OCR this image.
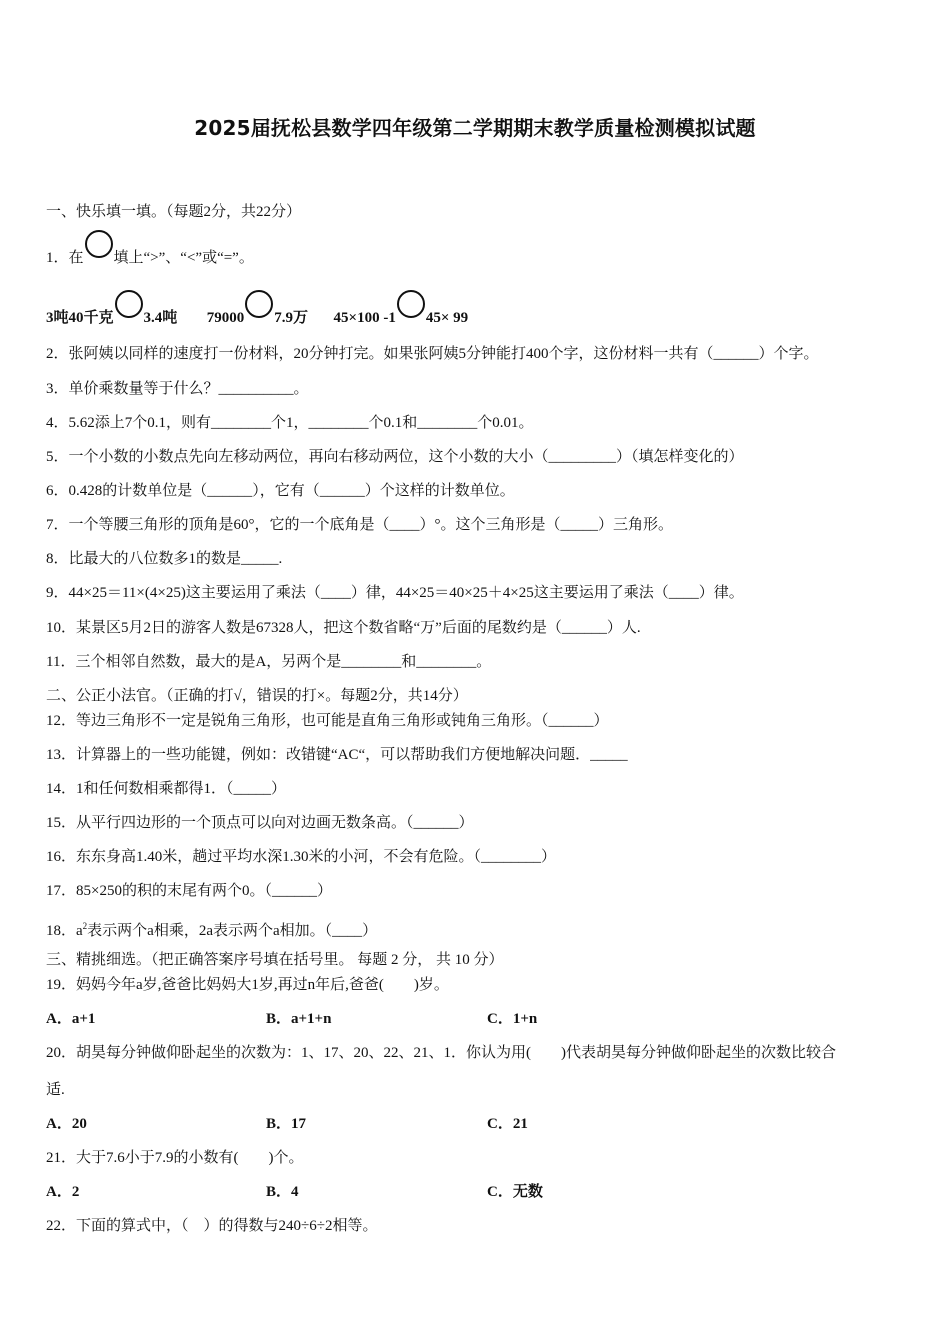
2025届抚松县数学四年级第二学期期末教学质量检测模拟试题
一、快乐填一填。（每题2分，共22分）
1．在 填上“>”、“<”或“=”。
3吨40千克 3.4吨 79000 7.9万 45×100 -1 45× 99
2．张阿姨以同样的速度打一份材料，20分钟打完。如果张阿姨5分钟能打400个字，这份材料一共有（______）个字。
3．单价乘数量等于什么？__________。
4．5.62添上7个0.1，则有________个1，________个0.1和________个0.01。
5．一个小数的小数点先向左移动两位，再向右移动两位，这个小数的大小（_________）（填怎样变化的）
6．0.428的计数单位是（______），它有（______）个这样的计数单位。
7．一个等腰三角形的顶角是60°，它的一个底角是（____）°。这个三角形是（_____）三角形。
8．比最大的八位数多1的数是_____.
9．44×25＝11×(4×25)这主要运用了乘法（____）律，44×25＝40×25＋4×25这主要运用了乘法（____）律。
10．某景区5月2日的游客人数是67328人，把这个数省略“万”后面的尾数约是（______）人.
11．三个相邻自然数，最大的是A，另两个是________和________。
二、公正小法官。（正确的打√，错误的打×。每题2分，共14分）
12．等边三角形不一定是锐角三角形，也可能是直角三角形或钝角三角形。（______）
13．计算器上的一些功能键，例如：改错键“AC“，可以帮助我们方便地解决问题．_____
14．1和任何数相乘都得1．（_____）
15．从平行四边形的一个顶点可以向对边画无数条高。（______）
16．东东身高1.40米，趟过平均水深1.30米的小河，不会有危险。（________）
17．85×250的积的末尾有两个0。（______）
18．$a^2$表示两个a相乘，2a表示两个a相加。（____）
三、精挑细选。（把正确答案序号填在括号里。 每题 2 分， 共 10 分）
19．妈妈今年a岁,爸爸比妈妈大1岁,再过n年后,爸爸(　　)岁。
A．a+1	B．a+1+n	C．1+n
20．胡昊每分钟做仰卧起坐的次数为：1、17、20、22、21、1．你认为用(　　)代表胡昊每分钟做仰卧起坐的次数比较合
适.
A．20	B．17	C．21
21．大于7.6小于7.9的小数有(　　)个。
A．2	B．4	C．无数
22．下面的算式中，（　）的得数与240÷6÷2相等。
